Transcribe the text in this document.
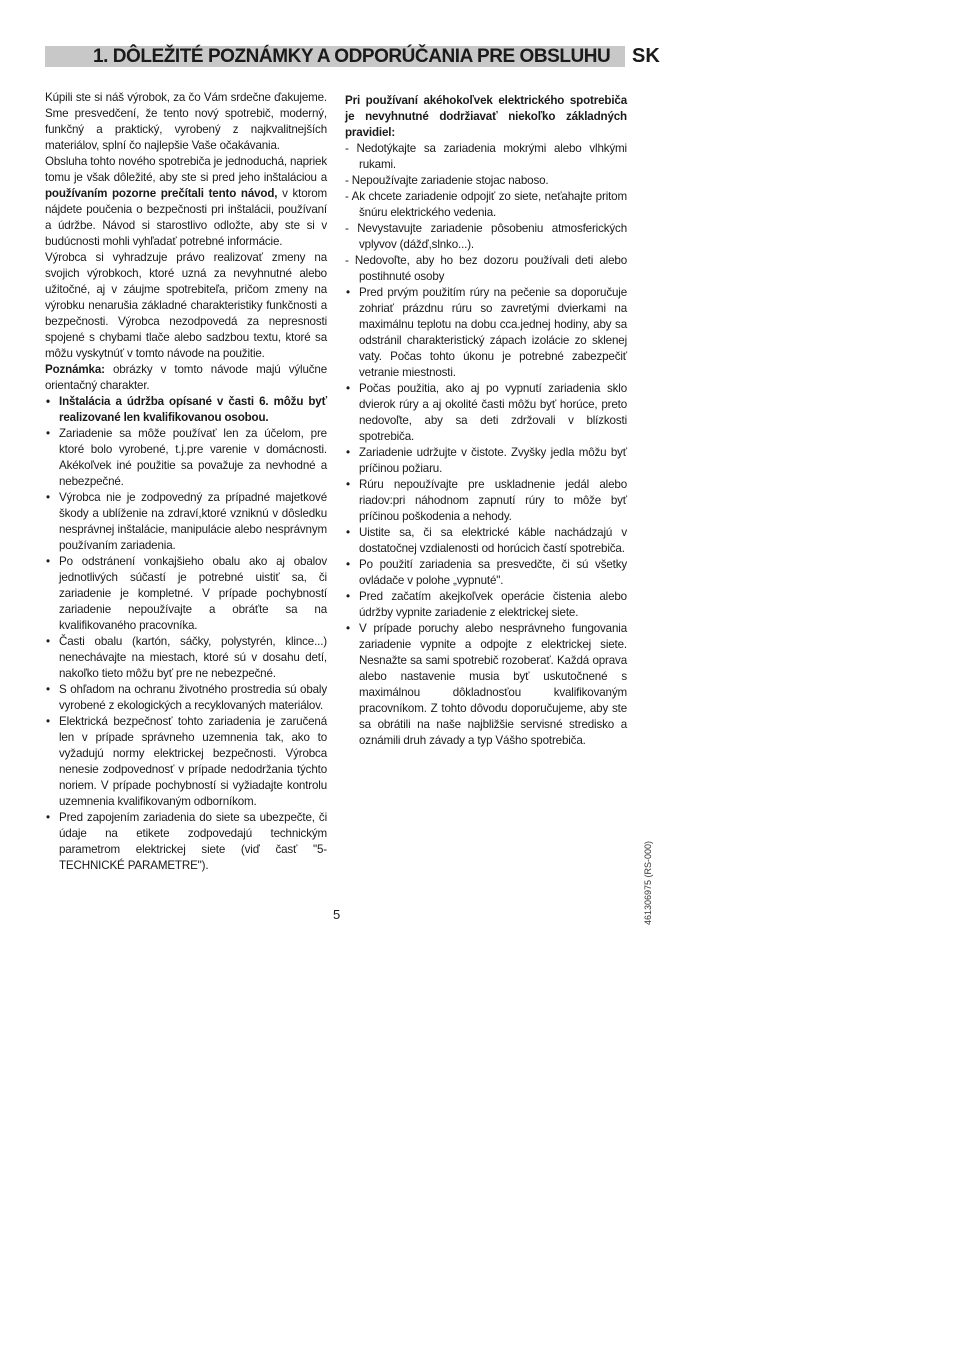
1. DÔLEŽITÉ POZNÁMKY A ODPORÚČANIA PRE OBSLUHU SK

Kúpili ste si náš výrobok, za čo Vám srdečne ďakujeme. Sme presvedčení, že tento nový spotrebič, moderný, funkčný a praktický, vyrobený z najkvalitnejších materiálov, splní čo najlepšie Vaše očakávania.

Obsluha tohto nového spotrebiča je jednoduchá, napriek tomu je však dôležité, aby ste si pred jeho inštaláciou a používaním pozorne prečítali tento návod, v ktorom nájdete poučenia o bezpečnosti pri inštalácii, používaní a údržbe. Návod si starostlivo odložte, aby ste si v budúcnosti mohli vyhľadať potrebné informácie.

Výrobca si vyhradzuje právo realizovať zmeny na svojich výrobkoch, ktoré uzná za nevyhnutné alebo užitočné, aj v záujme spotrebiteľa, pričom zmeny na výrobku nenarušia základné charakteristiky funkčnosti a bezpečnosti. Výrobca nezodpovedá za nepresnosti spojené s chybami tlače alebo sadzbou textu, ktoré sa môžu vyskytnúť v tomto návode na použitie.

Poznámka: obrázky v tomto návode majú výlučne orientačný charakter.

• Inštalácia a údržba opísané v časti 6. môžu byť realizované len kvalifikovanou osobou.
• Zariadenie sa môže používať len za účelom, pre ktoré bolo vyrobené, t.j.pre varenie v domácnosti. Akékoľvek iné použitie sa považuje za nevhodné a nebezpečné.
• Výrobca nie je zodpovedný za prípadné majetkové škody a ublíženie na zdraví,ktoré vzniknú v dôsledku nesprávnej inštalácie, manipulácie alebo nesprávnym používaním zariadenia.
• Po odstránení vonkajšieho obalu ako aj obalov jednotlivých súčastí je potrebné uistiť sa, či zariadenie je kompletné. V prípade pochybností zariadenie nepoužívajte a obráťte sa na kvalifikovaného pracovníka.
• Časti obalu (kartón, sáčky, polystyrén, klince...) nenechávajte na miestach, ktoré sú v dosahu detí, nakoľko tieto môžu byť pre ne nebezpečné.
• S ohľadom na ochranu životného prostredia sú obaly vyrobené z ekologických a recyklovaných materiálov.
• Elektrická bezpečnosť tohto zariadenia je zaručená len v prípade správneho uzemnenia tak, ako to vyžadujú normy elektrickej bezpečnosti. Výrobca nenesie zodpovednosť v prípade nedodržania týchto noriem. V prípade pochybností si vyžiadajte kontrolu uzemnenia kvalifikovaným odborníkom.
• Pred zapojením zariadenia do siete sa ubezpečte, či údaje na etikete zodpovedajú technickým parametrom elektrickej siete (viď časť "5-TECHNICKÉ PARAMETRE").

Pri používaní akéhokoľvek elektrického spotrebiča je nevyhnutné dodržiavať niekoľko základných pravidiel:

- Nedotýkajte sa zariadenia mokrými alebo vlhkými rukami.
- Nepoužívajte zariadenie stojac naboso.
- Ak chcete zariadenie odpojiť zo siete, neťahajte pritom šnúru elektrického vedenia.
- Nevystavujte zariadenie pôsobeniu atmosferických vplyvov (dážď,slnko...).
- Nedovoľte, aby ho bez dozoru používali deti alebo postihnuté osoby
• Pred prvým použitím rúry na pečenie sa doporučuje zohriať prázdnu rúru so zavretými dvierkami na maximálnu teplotu na dobu cca.jednej hodiny, aby sa odstránil charakteristický zápach izolácie zo sklenej vaty. Počas tohto úkonu je potrebné zabezpečiť vetranie miestnosti.
• Počas použitia, ako aj po vypnutí zariadenia sklo dvierok rúry a aj okolité časti môžu byť horúce, preto nedovoľte, aby sa deti zdržovali v blízkosti spotrebiča.
• Zariadenie udržujte v čistote. Zvyšky jedla môžu byť príčinou požiaru.
• Rúru nepoužívajte pre uskladnenie jedál alebo riadov:pri náhodnom zapnutí rúry to môže byť príčinou poškodenia a nehody.
• Uistite sa, či sa elektrické káble nachádzajú v dostatočnej vzdialenosti od horúcich častí spotrebiča.
• Po použití zariadenia sa presvedčte, či sú všetky ovládače v polohe „vypnuté".
• Pred začatím akejkoľvek operácie čistenia alebo údržby vypnite zariadenie z elektrickej siete.
• V prípade poruchy alebo nesprávneho fungovania zariadenie vypnite a odpojte z elektrickej siete. Nesnažte sa sami spotrebič rozoberať. Každá oprava alebo nastavenie musia byť uskutočnené s maximálnou dôkladnosťou kvalifikovaným pracovníkom. Z tohto dôvodu doporučujeme, aby ste sa obrátili na naše najbližšie servisné stredisko a oznámili druh závady a typ Vášho spotrebiča.
5	461306975 (RS-000)
